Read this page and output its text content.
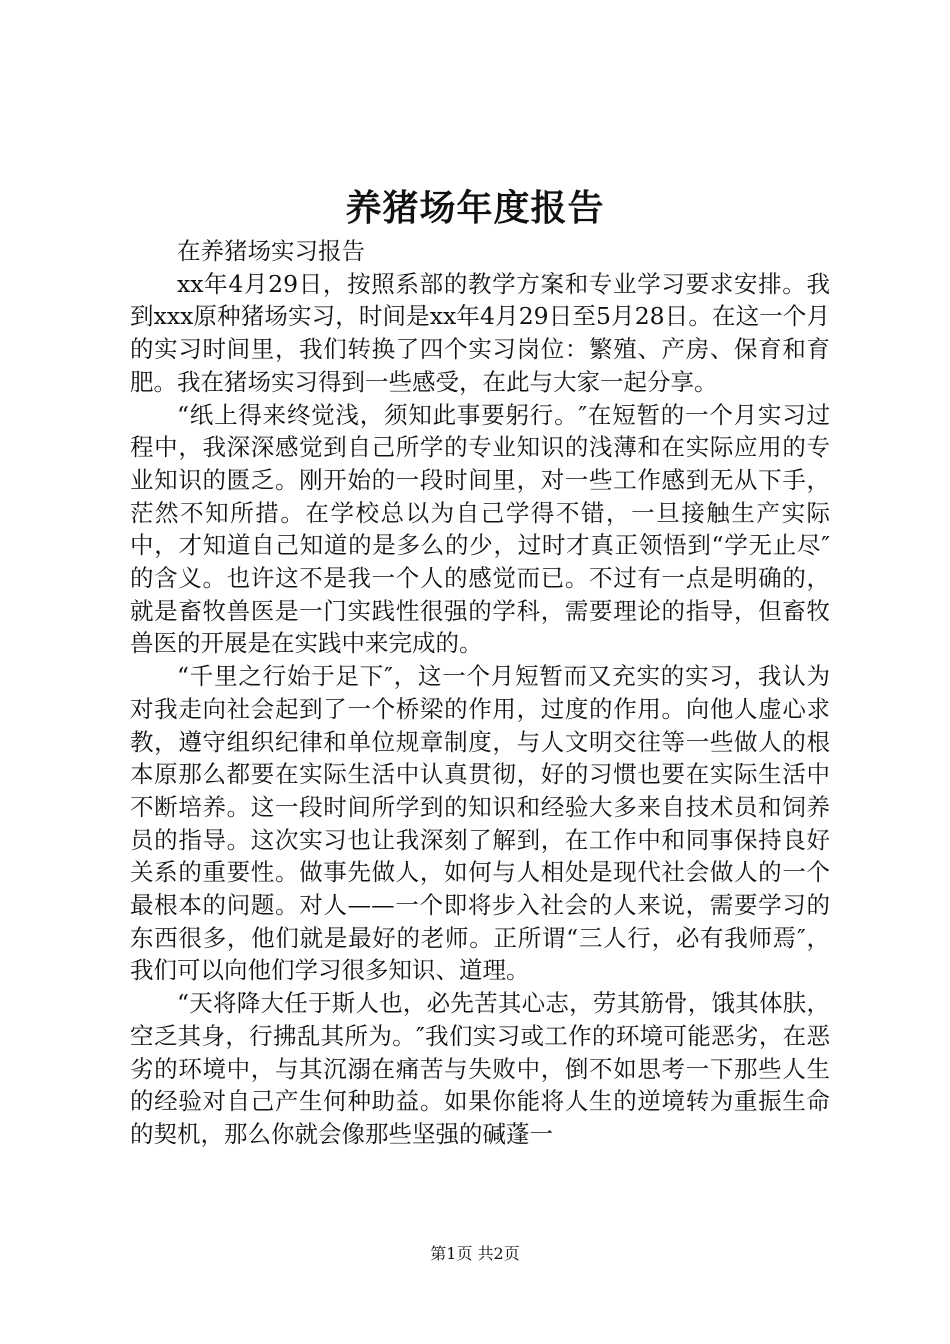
养猪场年度报告

在养猪场实习报告

xx年4月29日，按照系部的教学方案和专业学习要求安排。我到xxx原种猪场实习，时间是xx年4月29日至5月28日。在这一个月的实习时间里，我们转换了四个实习岗位：繁殖、产房、保育和育肥。我在猪场实习得到一些感受，在此与大家一起分享。

“纸上得来终觉浅，须知此事要躬行。″在短暂的一个月实习过程中，我深深感觉到自己所学的专业知识的浅薄和在实际应用的专业知识的匮乏。刚开始的一段时间里，对一些工作感到无从下手，茫然不知所措。在学校总以为自己学得不错，一旦接触生产实际中，才知道自己知道的是多么的少，过时才真正领悟到“学无止尽″的含义。也许这不是我一个人的感觉而已。不过有一点是明确的，就是畜牧兽医是一门实践性很强的学科，需要理论的指导，但畜牧兽医的开展是在实践中来完成的。

“千里之行始于足下″，这一个月短暂而又充实的实习，我认为对我走向社会起到了一个桥梁的作用，过度的作用。向他人虚心求教，遵守组织纪律和单位规章制度，与人文明交往等一些做人的根本原那么都要在实际生活中认真贯彻，好的习惯也要在实际生活中不断培养。这一段时间所学到的知识和经验大多来自技术员和饲养员的指导。这次实习也让我深刻了解到，在工作中和同事保持良好关系的重要性。做事先做人，如何与人相处是现代社会做人的一个最根本的问题。对人——一个即将步入社会的人来说，需要学习的东西很多，他们就是最好的老师。正所谓“三人行，必有我师焉″，我们可以向他们学习很多知识、道理。

“天将降大任于斯人也，必先苦其心志，劳其筋骨，饿其体肤，空乏其身，行拂乱其所为。″我们实习或工作的环境可能恶劣，在恶劣的环境中，与其沉溺在痛苦与失败中，倒不如思考一下那些人生的经验对自己产生何种助益。如果你能将人生的逆境转为重振生命的契机，那么你就会像那些坚强的碱蓬一

第1页 共2页
